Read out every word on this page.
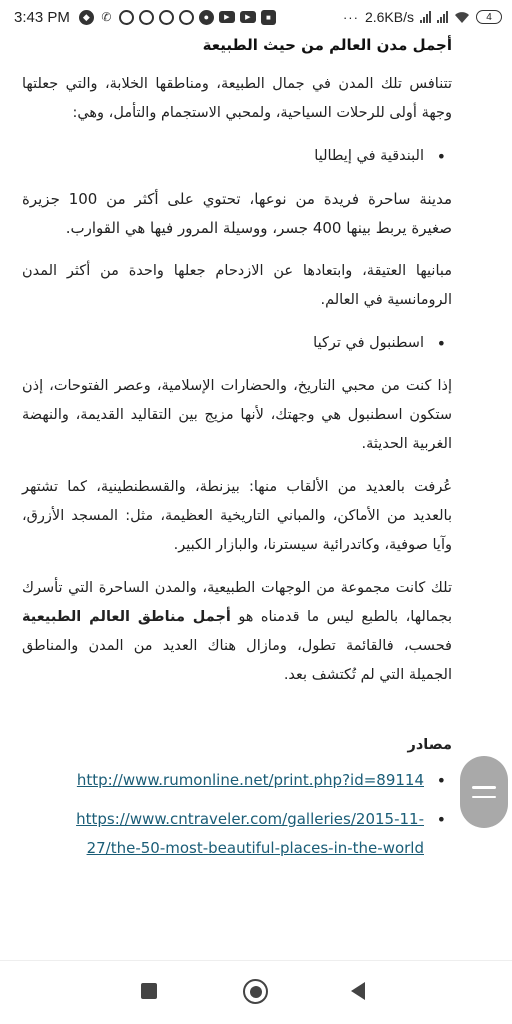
3:43 PM	◆ ✆	●	▶	▶	■	··· 2.6KB/s	4
أجمل مدن العالم من حيث الطبيعة

تتنافس تلك المدن في جمال الطبيعة، ومناطقها الخلابة، والتي جعلتها وجهة أولى للرحلات السياحية، ولمحبي الاستجمام والتأمل، وهي:

• البندقية في إيطاليا

مدينة ساحرة فريدة من نوعها، تحتوي على أكثر من 100 جزيرة صغيرة يربط بينها 400 جسر، ووسيلة المرور فيها هي القوارب.

مبانيها العتيقة، وابتعادها عن الازدحام جعلها واحدة من أكثر المدن الرومانسية في العالم.

• اسطنبول في تركيا

إذا كنت من محبي التاريخ، والحضارات الإسلامية، وعصر الفتوحات، إذن ستكون اسطنبول هي وجهتك، لأنها مزيج بين التقاليد القديمة، والنهضة الغربية الحديثة.

عُرفت بالعديد من الألقاب منها: بيزنطة، والقسطنطينية، كما تشتهر بالعديد من الأماكن، والمباني التاريخية العظيمة، مثل: المسجد الأزرق، وآيا صوفية، وكاتدرائية سيسترنا، والبازار الكبير.

تلك كانت مجموعة من الوجهات الطبيعية، والمدن الساحرة التي تأسرك بجمالها، بالطبع ليس ما قدمناه هو أجمل مناطق العالم الطبيعية فحسب، فالقائمة تطول، ومازال هناك العديد من المدن والمناطق الجميلة التي لم تُكتشف بعد.

مصادر
• http://www.rumonline.net/print.php?id=89114
• https://www.cntraveler.com/galleries/2015-11-27/the-50-most-beautiful-places-in-the-world
